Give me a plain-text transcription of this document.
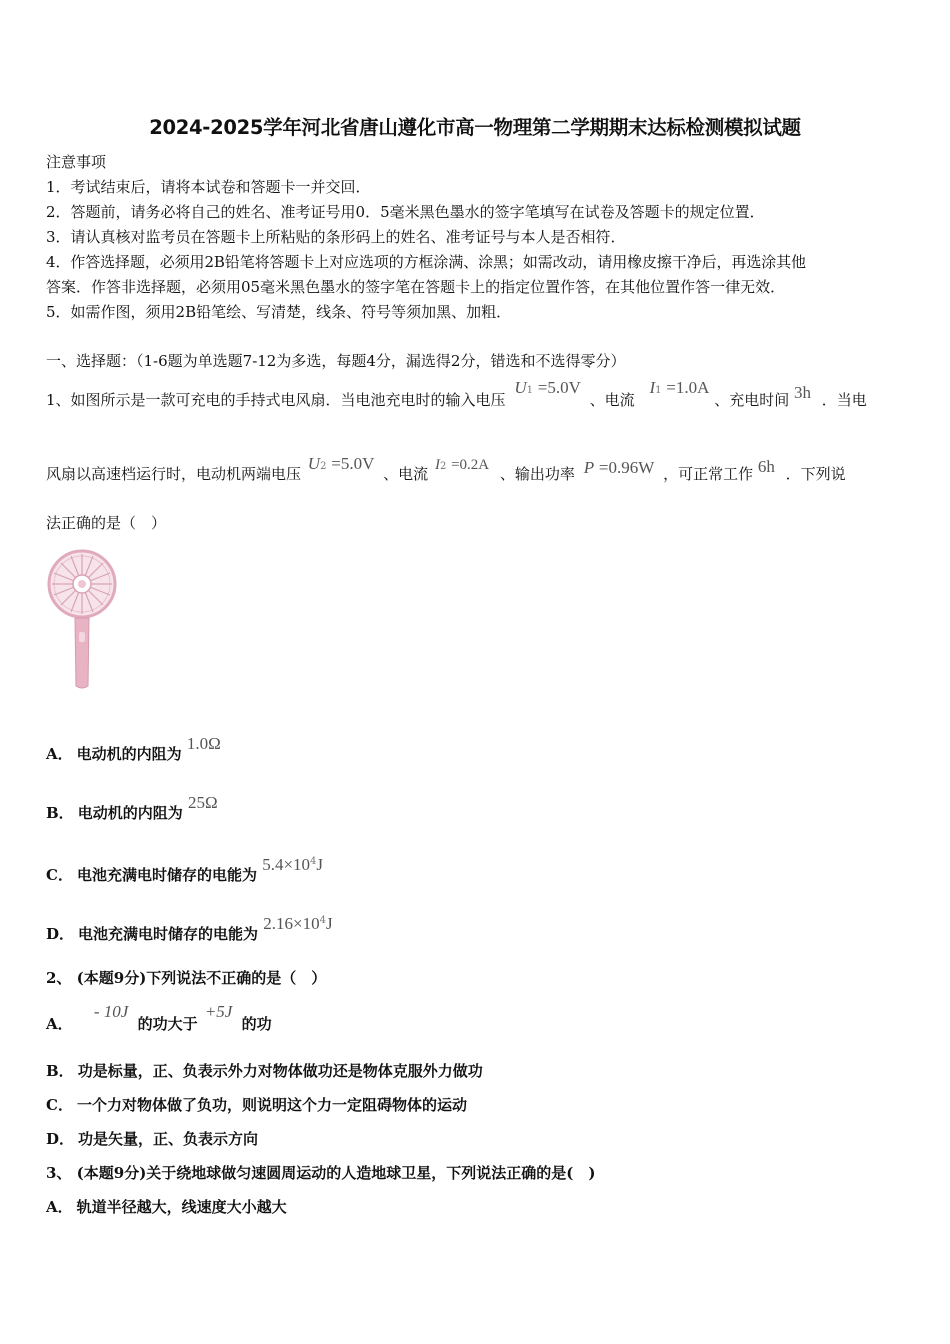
2024-2025学年河北省唐山遵化市高一物理第二学期期末达标检测模拟试题
注意事项
1．考试结束后，请将本试卷和答题卡一并交回．
2．答题前，请务必将自己的姓名、准考证号用0．5毫米黑色墨水的签字笔填写在试卷及答题卡的规定位置．
3．请认真核对监考员在答题卡上所粘贴的条形码上的姓名、准考证号与本人是否相符．
4．作答选择题，必须用2B铅笔将答题卡上对应选项的方框涂满、涂黑；如需改动，请用橡皮擦干净后，再选涂其他
答案．作答非选择题，必须用05毫米黑色墨水的签字笔在答题卡上的指定位置作答，在其他位置作答一律无效．
5．如需作图，须用2B铅笔绘、写清楚，线条、符号等须加黑、加粗．
一、选择题：（1-6题为单选题7-12为多选，每题4分，漏选得2分，错选和不选得零分）
1、如图所示是一款可充电的手持式电风扇．当电池充电时的输入电压 U1 =5.0V 、电流 I1 =1.0A 、充电时间 3h ．当电
风扇以高速档运行时，电动机两端电压 U2 =5.0V 、电流 I2 =0.2A 、输出功率 P =0.96W ，可正常工作 6h ．下列说
法正确的是（　）
A． 电动机的内阻为 1.0Ω
B． 电动机的内阻为 25Ω
C． 电池充满电时储存的电能为 $5.4\times 10^4J$
D． 电池充满电时储存的电能为 $2.16\times 10^4J$
2、 (本题9分)下列说法不正确的是（　）
A． - 10J 的功大于 +5J 的功
B． 功是标量，正、负表示外力对物体做功还是物体克服外力做功
C． 一个力对物体做了负功，则说明这个力一定阻碍物体的运动
D． 功是矢量，正、负表示方向
3、 (本题9分)关于绕地球做匀速圆周运动的人造地球卫星，下列说法正确的是(　)
A． 轨道半径越大，线速度大小越大
